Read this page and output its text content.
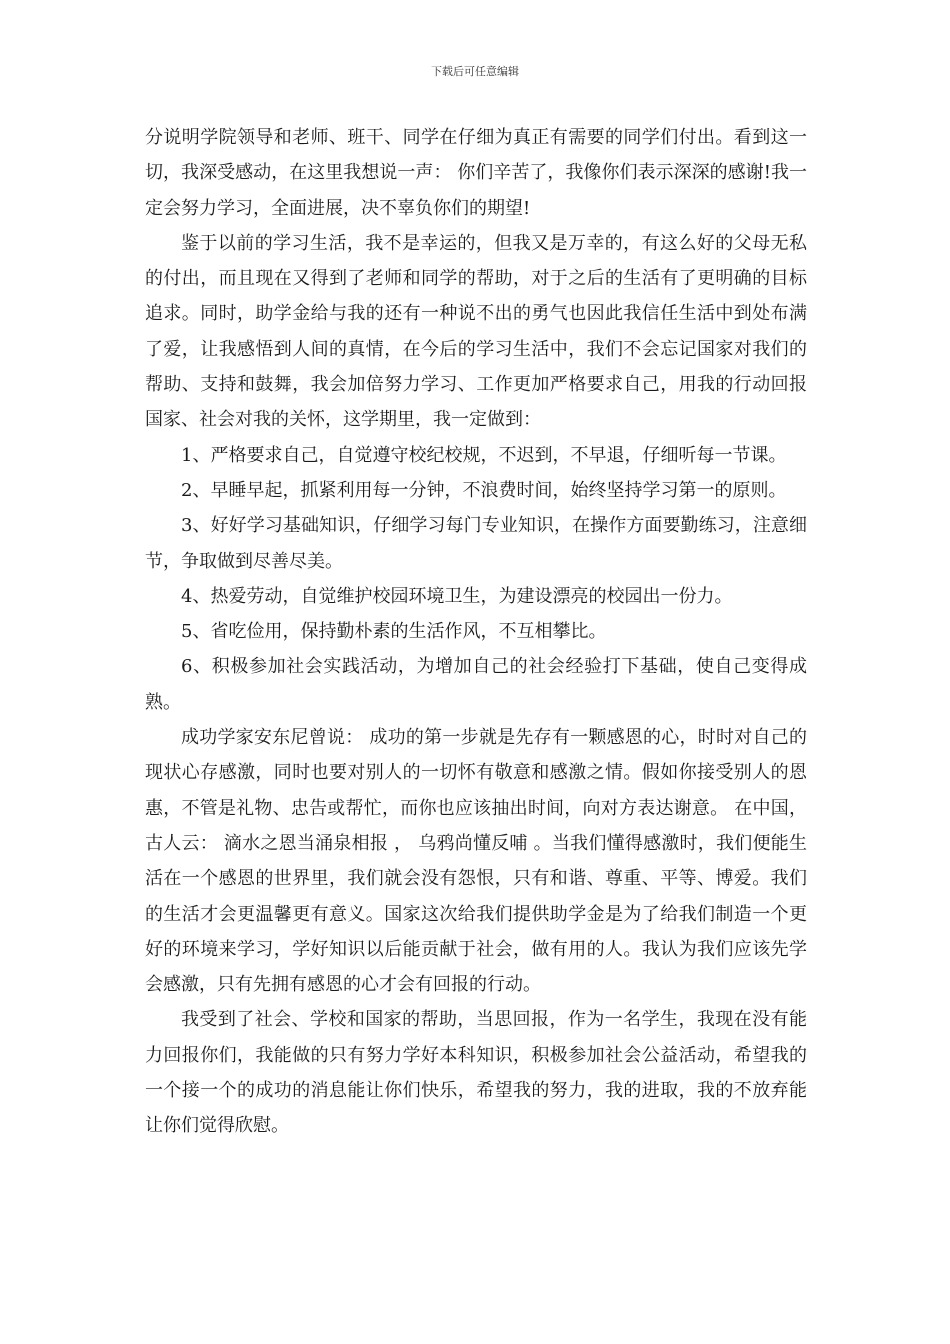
下载后可任意编辑

分说明学院领导和老师、班干、同学在仔细为真正有需要的同学们付出。看到这一切，我深受感动，在这里我想说一声： 你们辛苦了，我像你们表示深深的感谢!我一定会努力学习，全面进展，决不辜负你们的期望!

鉴于以前的学习生活，我不是幸运的，但我又是万幸的，有这么好的父母无私的付出，而且现在又得到了老师和同学的帮助，对于之后的生活有了更明确的目标追求。同时，助学金给与我的还有一种说不出的勇气也因此我信任生活中到处布满了爱，让我感悟到人间的真情，在今后的学习生活中，我们不会忘记国家对我们的帮助、支持和鼓舞，我会加倍努力学习、工作更加严格要求自己，用我的行动回报国家、社会对我的关怀，这学期里，我一定做到：

1、严格要求自己，自觉遵守校纪校规，不迟到，不早退，仔细听每一节课。

2、早睡早起，抓紧利用每一分钟，不浪费时间，始终坚持学习第一的原则。

3、好好学习基础知识，仔细学习每门专业知识，在操作方面要勤练习，注意细节，争取做到尽善尽美。

4、热爱劳动，自觉维护校园环境卫生，为建设漂亮的校园出一份力。

5、省吃俭用，保持勤朴素的生活作风，不互相攀比。

6、积极参加社会实践活动，为增加自己的社会经验打下基础，使自己变得成熟。

成功学家安东尼曾说： 成功的第一步就是先存有一颗感恩的心，时时对自己的现状心存感激，同时也要对别人的一切怀有敬意和感激之情。假如你接受别人的恩惠，不管是礼物、忠告或帮忙，而你也应该抽出时间，向对方表达谢意。 在中国，古人云： 滴水之恩当涌泉相报 ， 乌鸦尚懂反哺 。当我们懂得感激时，我们便能生活在一个感恩的世界里，我们就会没有怨恨，只有和谐、尊重、平等、博爱。我们的生活才会更温馨更有意义。国家这次给我们提供助学金是为了给我们制造一个更好的环境来学习，学好知识以后能贡献于社会，做有用的人。我认为我们应该先学会感激，只有先拥有感恩的心才会有回报的行动。

我受到了社会、学校和国家的帮助，当思回报，作为一名学生，我现在没有能力回报你们，我能做的只有努力学好本科知识，积极参加社会公益活动，希望我的一个接一个的成功的消息能让你们快乐，希望我的努力，我的进取，我的不放弃能让你们觉得欣慰。
